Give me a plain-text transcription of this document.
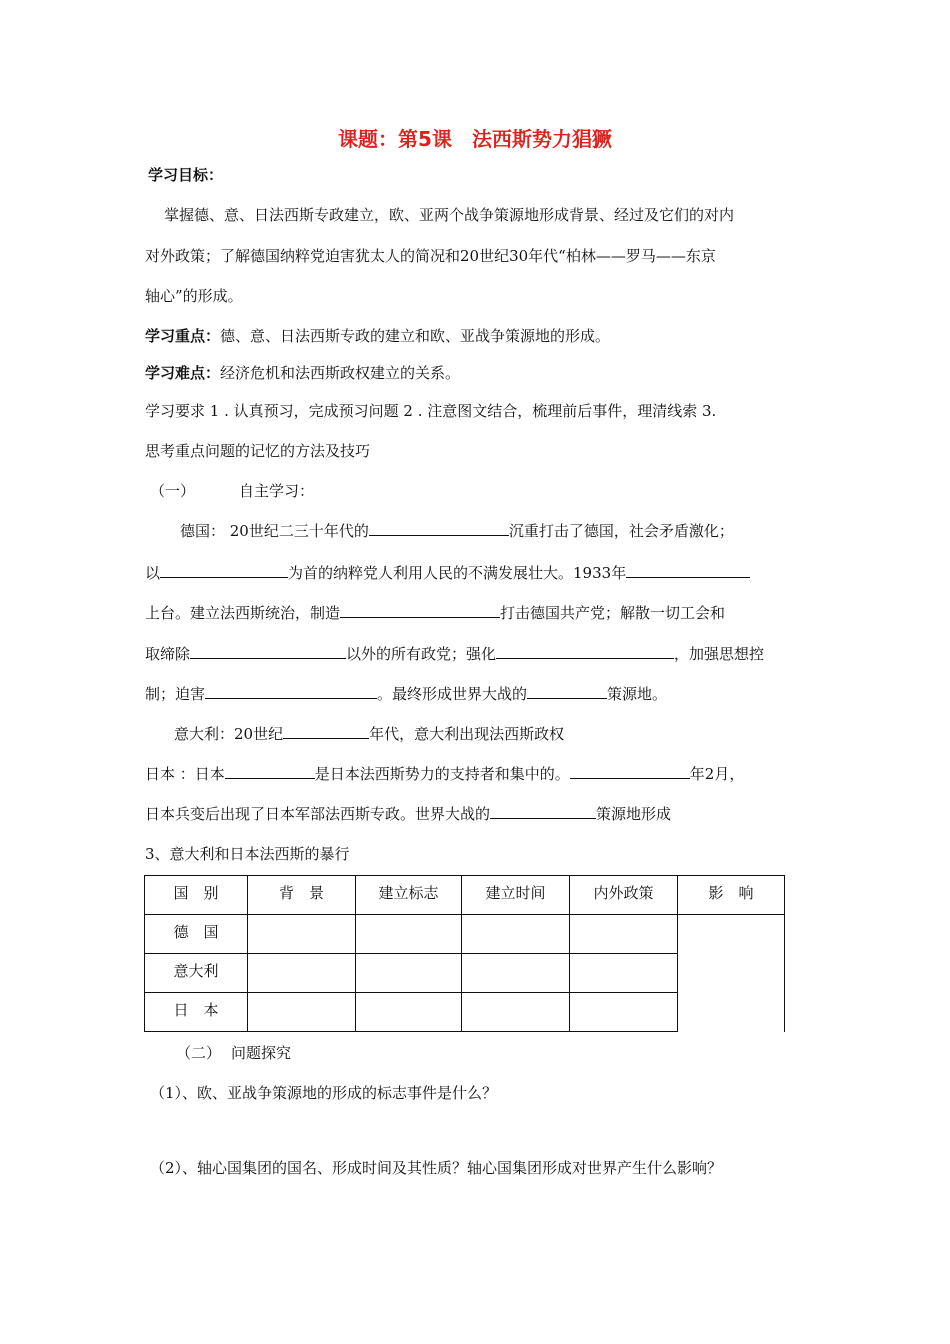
课题：第5课　法西斯势力猖獗
学习目标：
掌握德、意、日法西斯专政建立，欧、亚两个战争策源地形成背景、经过及它们的对内
对外政策；了解德国纳粹党迫害犹太人的简况和20世纪30年代“柏林——罗马——东京
轴心”的形成。
学习重点：德、意、日法西斯专政的建立和欧、亚战争策源地的形成。
学习难点：经济危机和法西斯政权建立的关系。
学习要求 1 . 认真预习，完成预习问题 2 . 注意图文结合，梳理前后事件，理清线索 3.
思考重点问题的记忆的方法及技巧
（一）	自主学习：
德国： 20世纪二三十年代的	沉重打击了德国，社会矛盾激化；
以	为首的纳粹党人利用人民的不满发展壮大。1933年
上台。建立法西斯统治，制造	打击德国共产党；解散一切工会和
取缔除	以外的所有政党；强化	，加强思想控
制；迫害	。最终形成世界大战的	策源地。
意大利：20世纪	年代，意大利出现法西斯政权
日本 ：日本	是日本法西斯势力的支持者和集中的。	年2月，
日本兵变后出现了日本军部法西斯专政。世界大战的	策源地形成
3、意大利和日本法西斯的暴行
国　别	背　景	建立标志	建立时间	内外政策	影　响

德　国					

意大利					

日　本					

（二） 问题探究
（1）、欧、亚战争策源地的形成的标志事件是什么？
（2）、轴心国集团的国名、形成时间及其性质？轴心国集团形成对世界产生什么影响？
